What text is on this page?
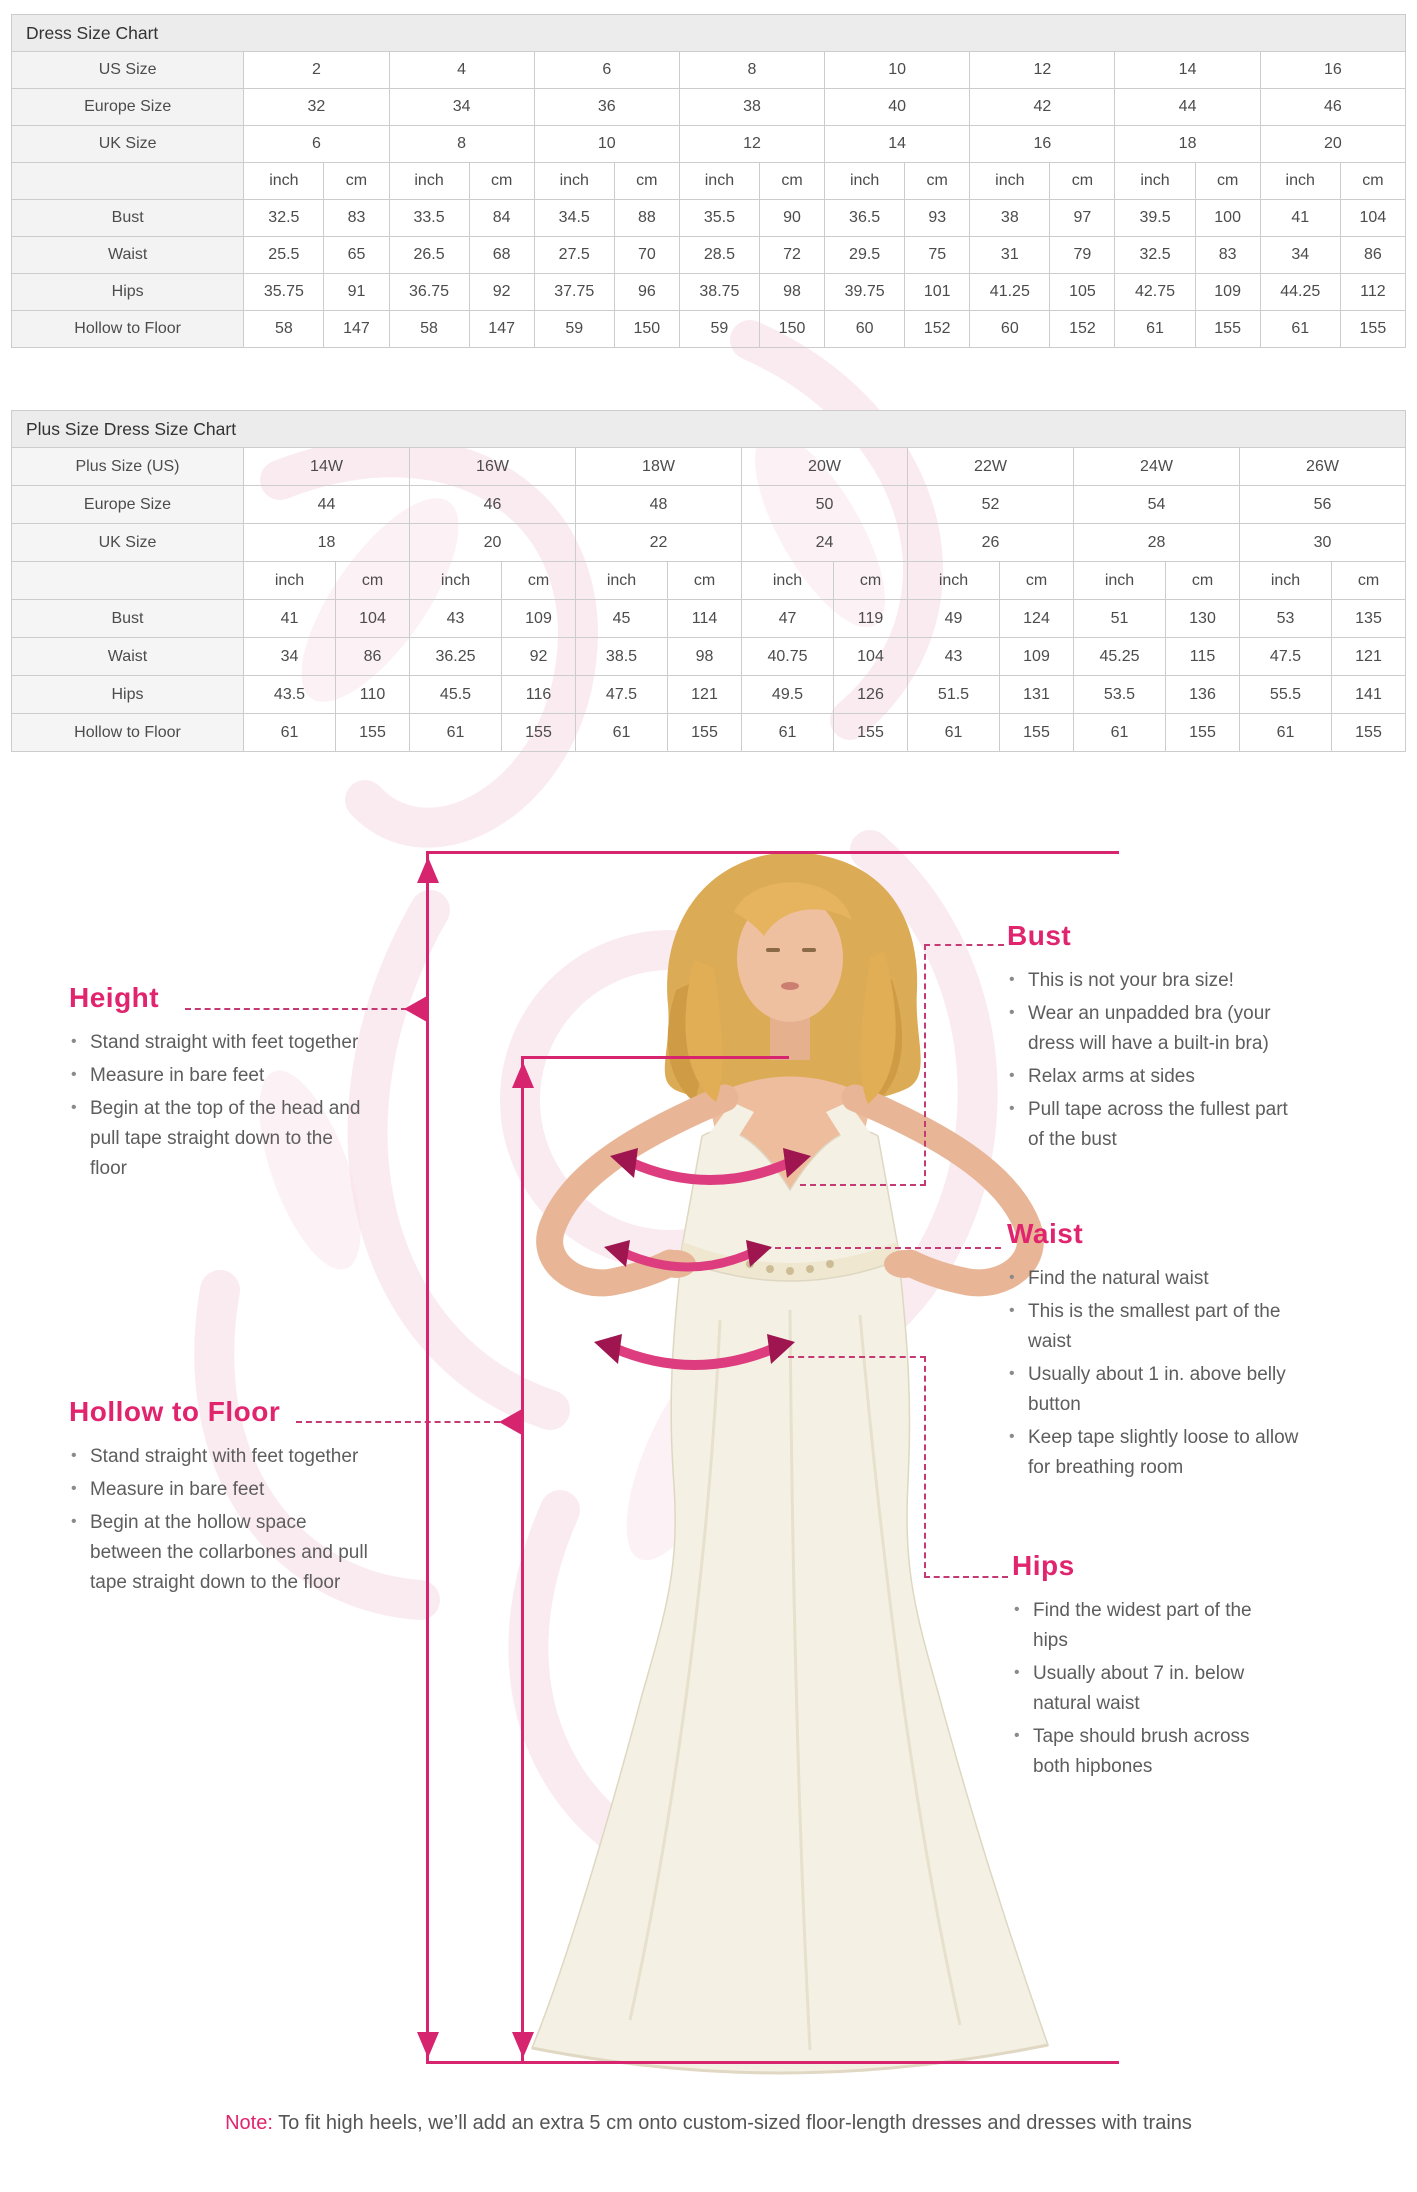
Dress Size Chart
US Size	2		4		6		8		10		12		14		16	
Europe Size	32		34		36		38		40		42		44		46	
UK Size	6		8		10		12		14		16		18		20	
	inch	cm	inch	cm	inch	cm	inch	cm	inch	cm	inch	cm	inch	cm	inch	cm
Bust	32.5	83	33.5	84	34.5	88	35.5	90	36.5	93	38	97	39.5	100	41	104
Waist	25.5	65	26.5	68	27.5	70	28.5	72	29.5	75	31	79	32.5	83	34	86
Hips	35.75	91	36.75	92	37.75	96	38.75	98	39.75	101	41.25	105	42.75	109	44.25	112
Hollow to Floor	58	147	58	147	59	150	59	150	60	152	60	152	61	155	61	155
Plus Size Dress Size Chart
Plus Size (US)	14W		16W		18W		20W		22W		24W		26W	
Europe Size	44		46		48		50		52		54		56	
UK Size	18		20		22		24		26		28		30	
	inch	cm	inch	cm	inch	cm	inch	cm	inch	cm	inch	cm	inch	cm
Bust	41	104	43	109	45	114	47	119	49	124	51	130	53	135
Waist	34	86	36.25	92	38.5	98	40.75	104	43	109	45.25	115	47.5	121
Hips	43.5	110	45.5	116	47.5	121	49.5	126	51.5	131	53.5	136	55.5	141
Hollow to Floor	61	155	61	155	61	155	61	155	61	155	61	155	61	155
Height
• Stand straight with feet together
• Measure in bare feet
• Begin at the top of the head and pull tape straight down to the floor
Hollow to Floor
• Stand straight with feet together
• Measure in bare feet
• Begin at the hollow space between the collarbones and pull tape straight down to the floor
Bust
• This is not your bra size!
• Wear an unpadded bra (your dress will have a built-in bra)
• Relax arms at sides
• Pull tape across the fullest part of the bust
Waist
• Find the natural waist
• This is the smallest part of the waist
• Usually about 1 in. above belly button
• Keep tape slightly loose to allow for breathing room
Hips
• Find the widest part of the hips
• Usually about 7 in. below natural waist
• Tape should brush across both hipbones
Note: To fit high heels, we’ll add an extra 5 cm onto custom-sized floor-length dresses and dresses with trains
